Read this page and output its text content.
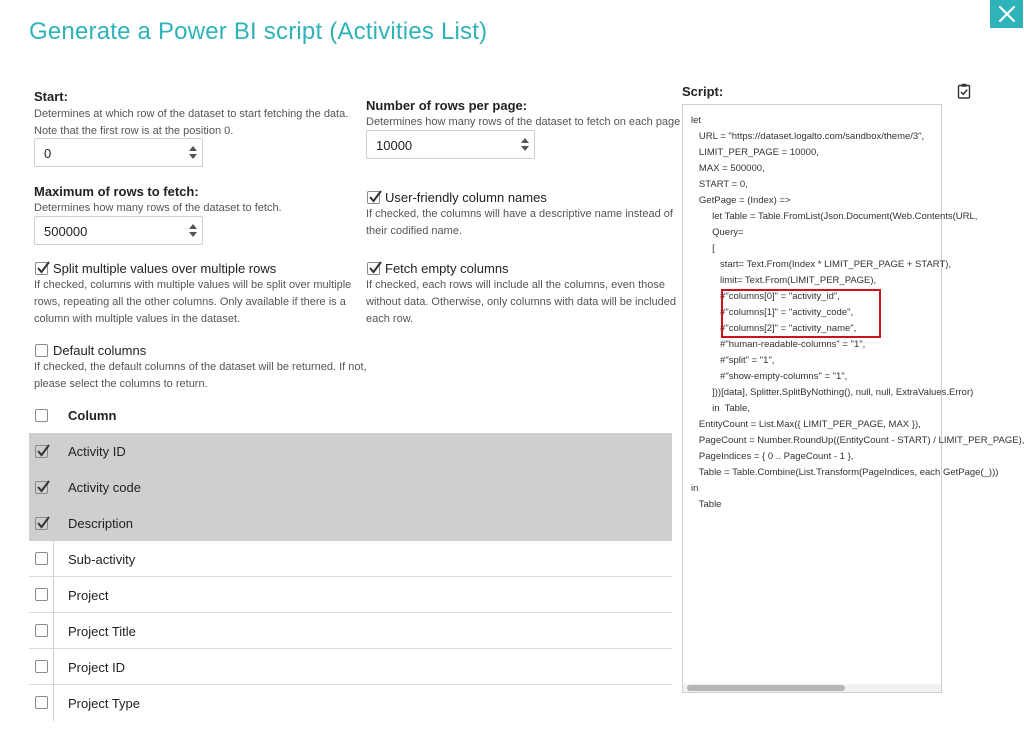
Generate a Power BI script (Activities List)
Start:
Determines at which row of the dataset to start fetching the data. Note that the first row is at the position 0.
0
Number of rows per page:
Determines how many rows of the dataset to fetch on each page
10000
Maximum of rows to fetch:
Determines how many rows of the dataset to fetch.
500000
User-friendly column names
If checked, the columns will have a descriptive name instead of their codified name.
Split multiple values over multiple rows
If checked, columns with multiple values will be split over multiple rows, repeating all the other columns. Only available if there is a column with multiple values in the dataset.
Fetch empty columns
If checked, each rows will include all the columns, even those without data. Otherwise, only columns with data will be included each row.
Default columns
If checked, the default columns of the dataset will be returned. If not, please select the columns to return.
Column
Activity ID
Activity code
Description
Sub-activity
Project
Project Title
Project ID
Project Type
Script:
let
URL = "https://dataset.logalto.com/sandbox/theme/3",
LIMIT_PER_PAGE = 10000,
MAX = 500000,
START = 0,
GetPage = (Index) =>
let Table = Table.FromList(Json.Document(Web.Contents(URL,
Query=
[
start= Text.From(Index * LIMIT_PER_PAGE + START),
limit= Text.From(LIMIT_PER_PAGE),
#"columns[0]" = "activity_id",
#"columns[1]" = "activity_code",
#"columns[2]" = "activity_name",
#"human-readable-columns" = "1",
#"split" = "1",
#"show-empty-columns" = "1",
]))[data], Splitter.SplitByNothing(), null, null, ExtraValues.Error)
in  Table,
EntityCount = List.Max({ LIMIT_PER_PAGE, MAX }),
PageCount = Number.RoundUp((EntityCount - START) / LIMIT_PER_PAGE),
PageIndices = { 0 .. PageCount - 1 },
Table = Table.Combine(List.Transform(PageIndices, each GetPage(_)))
in
Table
